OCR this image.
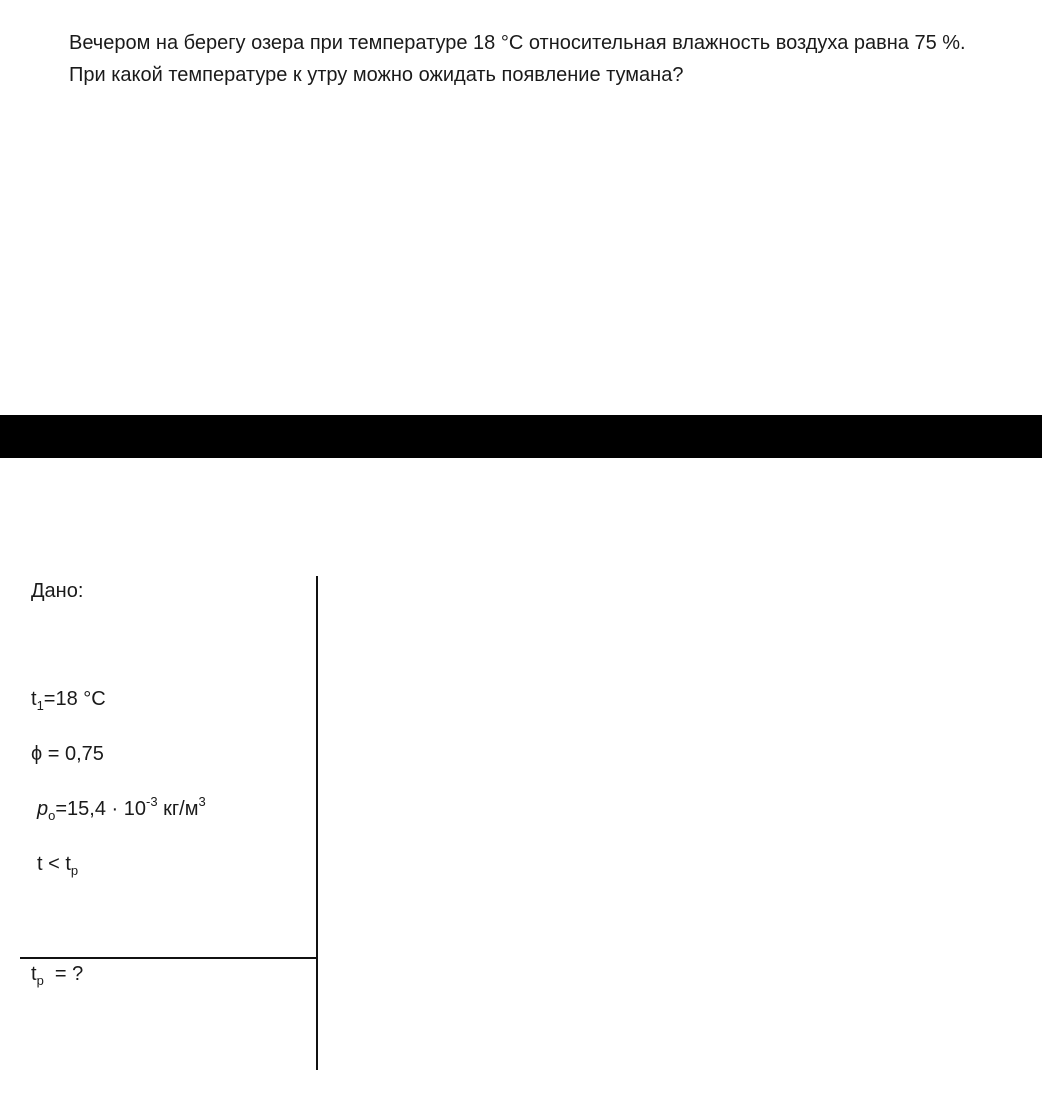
Вечером на берегу озера при температуре 18 °С относительная влажность воздуха равна 75 %.

При какой температуре к утру можно ожидать появление тумана?

Дано:
$t_1=18$ °С
ϕ = 0,75
$p_o=15,4 \cdot 10^{-3}$ $кг/м^3$
$t < t_p$
$t_p$  = ?
